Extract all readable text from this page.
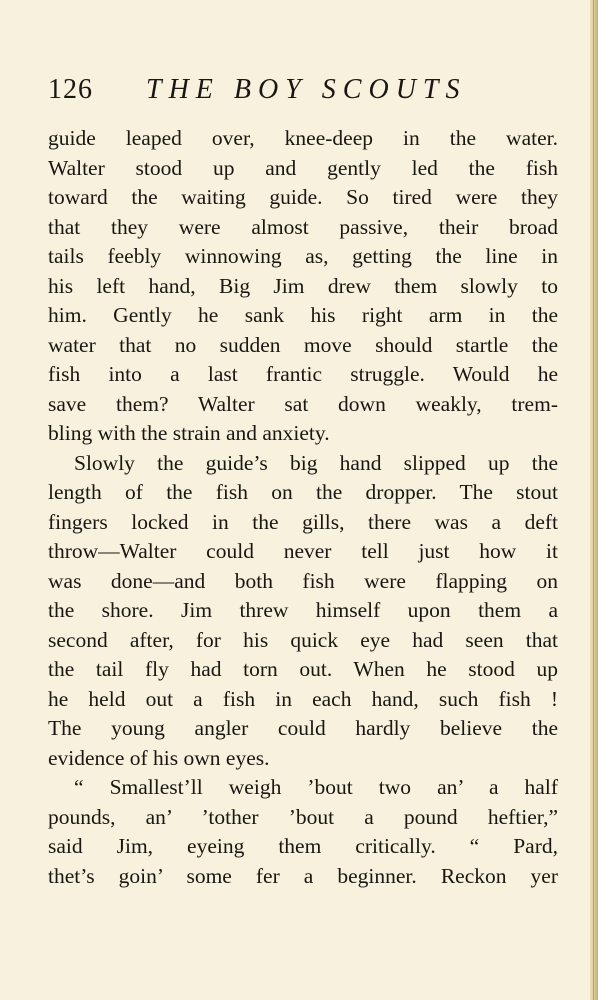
126 THE BOY SCOUTS
guide leaped over, knee-deep in the water.
Walter stood up and gently led the fish
toward the waiting guide. So tired were they
that they were almost passive, their broad
tails feebly winnowing as, getting the line in
his left hand, Big Jim drew them slowly to
him. Gently he sank his right arm in the
water that no sudden move should startle the
fish into a last frantic struggle. Would he
save them? Walter sat down weakly, trem-
bling with the strain and anxiety.
Slowly the guide’s big hand slipped up the
length of the fish on the dropper. The stout
fingers locked in the gills, there was a deft
throw—Walter could never tell just how it
was done—and both fish were flapping on
the shore. Jim threw himself upon them a
second after, for his quick eye had seen that
the tail fly had torn out. When he stood up
he held out a fish in each hand, such fish !
The young angler could hardly believe the
evidence of his own eyes.
“ Smallest’ll weigh ’bout two an’ a half
pounds, an’ ’tother ’bout a pound heftier,”
said Jim, eyeing them critically. “ Pard,
thet’s goin’ some fer a beginner. Reckon yer
